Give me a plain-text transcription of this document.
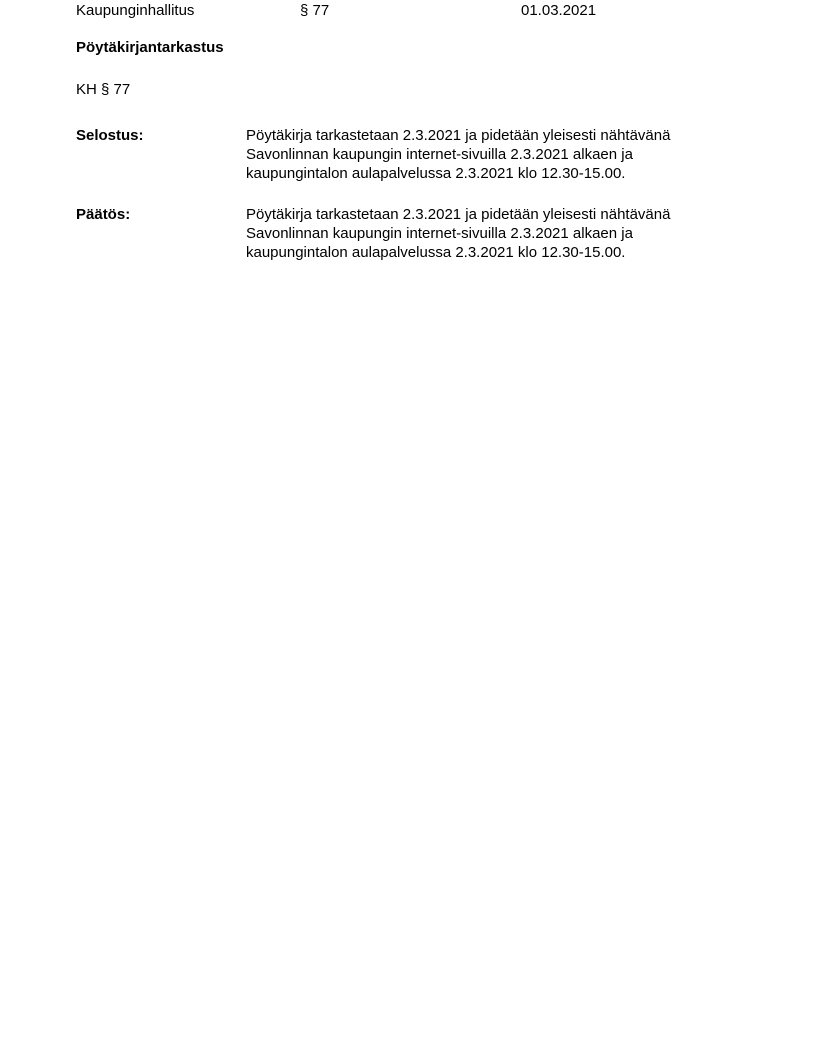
Kaupunginhallitus	§ 77	01.03.2021
Pöytäkirjantarkastus
KH § 77
Selostus:	Pöytäkirja tarkastetaan 2.3.2021 ja pidetään yleisesti nähtävänä
Savonlinnan kaupungin internet-sivuilla 2.3.2021 alkaen ja
kaupungintalon aulapalvelussa 2.3.2021 klo 12.30-15.00.
Päätös:	Pöytäkirja tarkastetaan 2.3.2021 ja pidetään yleisesti nähtävänä
Savonlinnan kaupungin internet-sivuilla 2.3.2021 alkaen ja
kaupungintalon aulapalvelussa 2.3.2021 klo 12.30-15.00.
